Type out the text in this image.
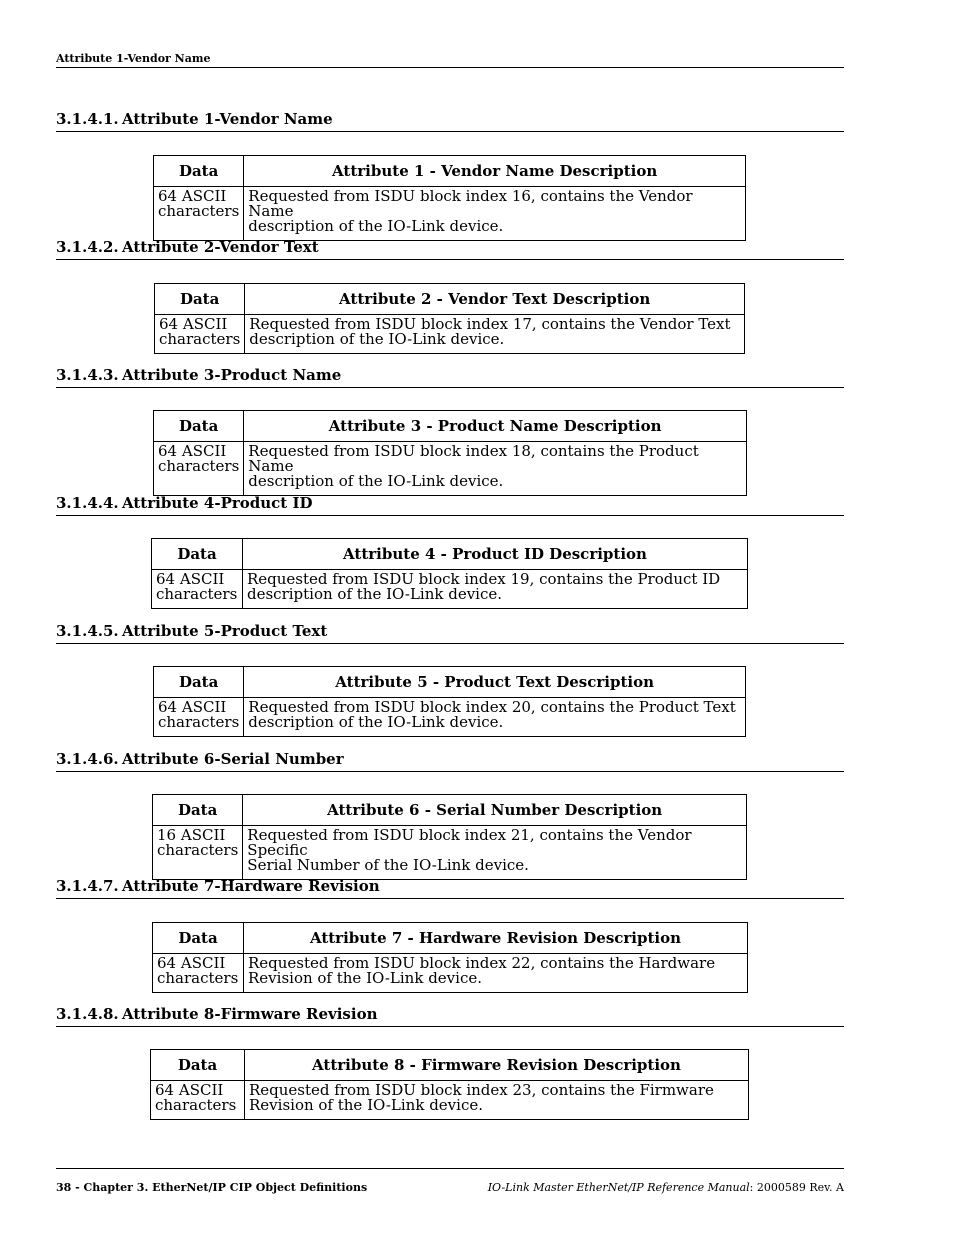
Attribute 1-Vendor Name
3.1.4.1. Attribute 1-Vendor Name
Data	Attribute 1 - Vendor Name Description
64 ASCII
characters	Requested from ISDU block index 16, contains the Vendor Name
description of the IO-Link device.
3.1.4.2. Attribute 2-Vendor Text
Data	Attribute 2 - Vendor Text Description
64 ASCII
characters	Requested from ISDU block index 17, contains the Vendor Text
description of the IO-Link device.
3.1.4.3. Attribute 3-Product Name
Data	Attribute 3 - Product Name Description
64 ASCII
characters	Requested from ISDU block index 18, contains the Product Name
description of the IO-Link device.
3.1.4.4. Attribute 4-Product ID
Data	Attribute 4 - Product ID Description
64 ASCII
characters	Requested from ISDU block index 19, contains the Product ID
description of the IO-Link device.
3.1.4.5. Attribute 5-Product Text
Data	Attribute 5 - Product Text Description
64 ASCII
characters	Requested from ISDU block index 20, contains the Product Text
description of the IO-Link device.
3.1.4.6. Attribute 6-Serial Number
Data	Attribute 6 - Serial Number Description
16 ASCII
characters	Requested from ISDU block index 21, contains the Vendor Specific
Serial Number of the IO-Link device.
3.1.4.7. Attribute 7-Hardware Revision
Data	Attribute 7 - Hardware Revision Description
64 ASCII
characters	Requested from ISDU block index 22, contains the Hardware
Revision of the IO-Link device.
3.1.4.8. Attribute 8-Firmware Revision
Data	Attribute 8 - Firmware Revision Description
64 ASCII
characters	Requested from ISDU block index 23, contains the Firmware
Revision of the IO-Link device.
38 - Chapter 3. EtherNet/IP CIP Object Definitions	IO-Link Master EtherNet/IP Reference Manual: 2000589 Rev. A
